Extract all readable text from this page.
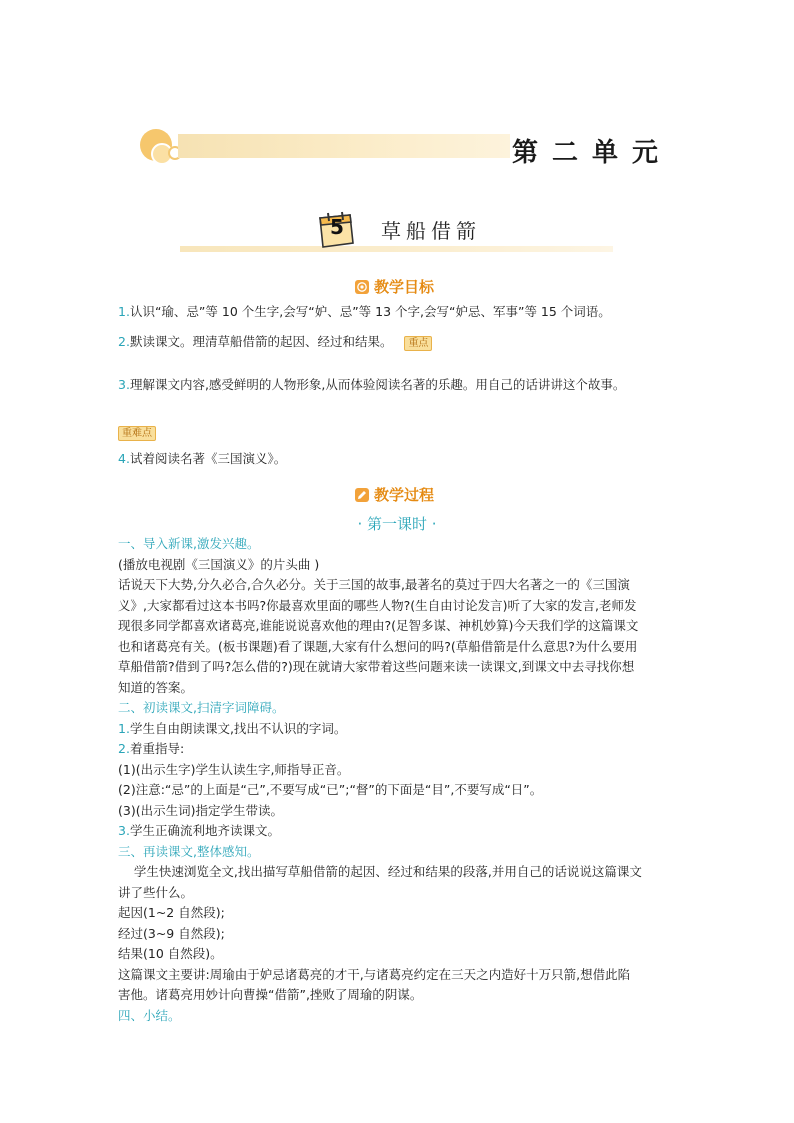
第二单元
5 草船借箭
教学目标
1.认识“瑜、忌”等 10 个生字,会写“妒、忌”等 13 个字,会写“妒忌、军事”等 15 个词语。
2.默读课文。理清草船借箭的起因、经过和结果。 重点
3.理解课文内容,感受鲜明的人物形象,从而体验阅读名著的乐趣。用自己的话讲讲这个故事。
重难点
4.试着阅读名著《三国演义》。
教学过程
· 第一课时 ·
一、导入新课,激发兴趣。
(播放电视剧《三国演义》的片头曲 )
话说天下大势,分久必合,合久必分。关于三国的故事,最著名的莫过于四大名著之一的《三国演
义》,大家都看过这本书吗?你最喜欢里面的哪些人物?(生自由讨论发言)听了大家的发言,老师发
现很多同学都喜欢诸葛亮,谁能说说喜欢他的理由?(足智多谋、神机妙算)今天我们学的这篇课文
也和诸葛亮有关。(板书课题)看了课题,大家有什么想问的吗?(草船借箭是什么意思?为什么要用
草船借箭?借到了吗?怎么借的?)现在就请大家带着这些问题来读一读课文,到课文中去寻找你想
知道的答案。
二、初读课文,扫清字词障碍。
1.学生自由朗读课文,找出不认识的字词。
2.着重指导:
(1)(出示生字)学生认读生字,师指导正音。
(2)注意:“忌”的上面是“己”,不要写成“已”;“督”的下面是“目”,不要写成“日”。
(3)(出示生词)指定学生带读。
3.学生正确流利地齐读课文。
三、再读课文,整体感知。
学生快速浏览全文,找出描写草船借箭的起因、经过和结果的段落,并用自己的话说说这篇课文
讲了些什么。
起因(1~2 自然段);
经过(3~9 自然段);
结果(10 自然段)。
这篇课文主要讲:周瑜由于妒忌诸葛亮的才干,与诸葛亮约定在三天之内造好十万只箭,想借此陷
害他。诸葛亮用妙计向曹操“借箭”,挫败了周瑜的阴谋。
四、小结。
